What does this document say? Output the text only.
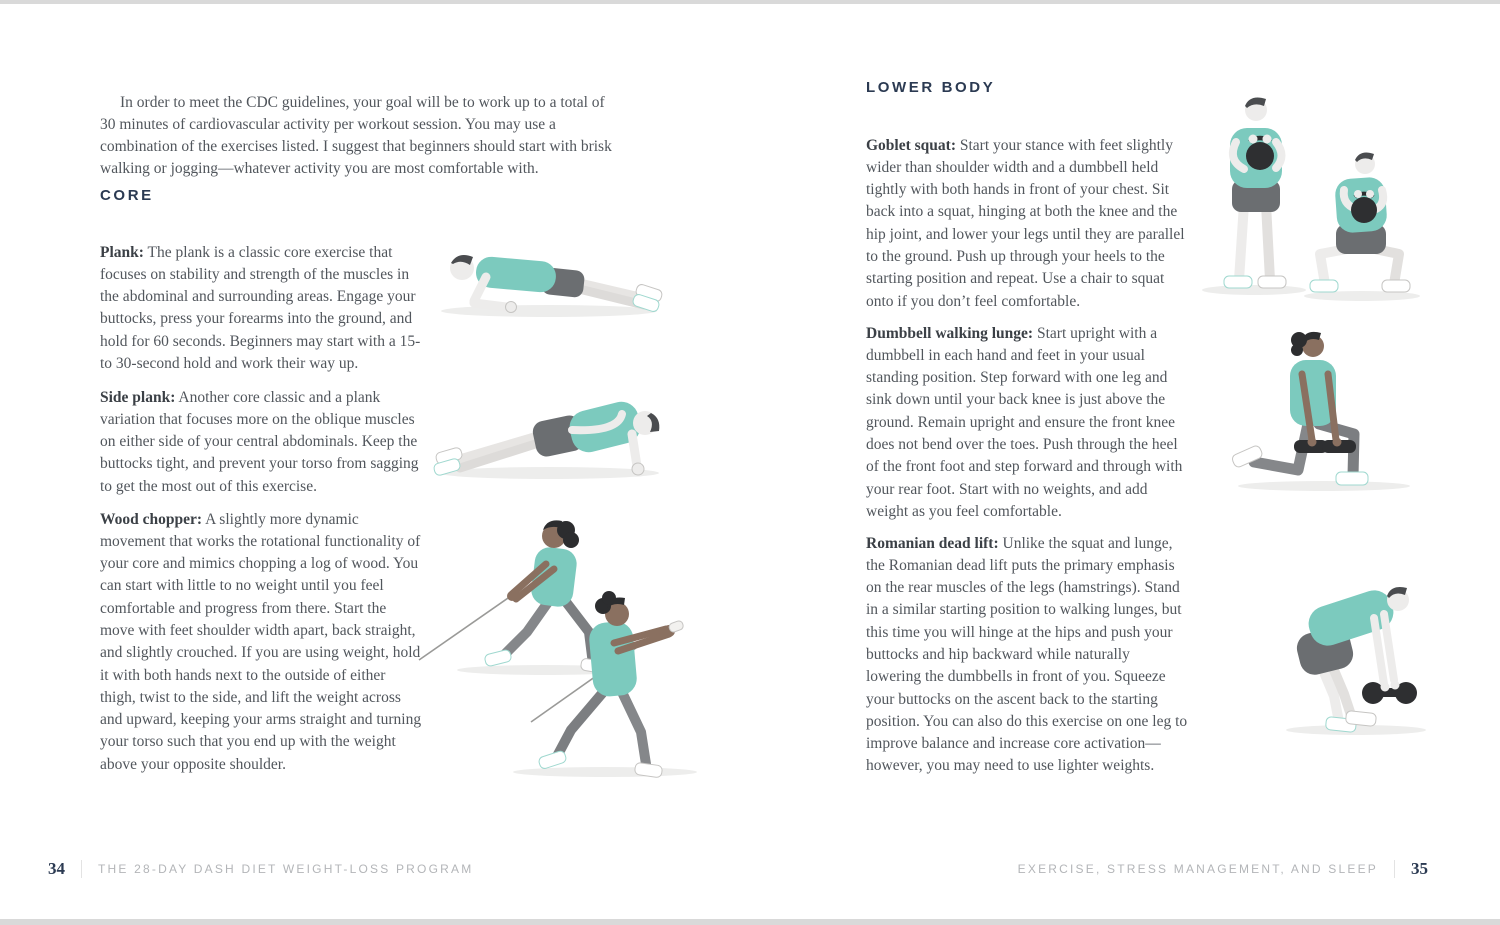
In order to meet the CDC guidelines, your goal will be to work up to a total of 30 minutes of cardiovascular activity per workout session. You may use a combination of the exercises listed. I suggest that beginners should start with brisk walking or jogging—whatever activity you are most comfortable with.

CORE

Plank: The plank is a classic core exercise that focuses on stability and strength of the muscles in the abdominal and surrounding areas. Engage your buttocks, press your forearms into the ground, and hold for 60 seconds. Beginners may start with a 15- to 30-second hold and work their way up.

Side plank: Another core classic and a plank variation that focuses more on the oblique muscles on either side of your central abdominals. Keep the buttocks tight, and prevent your torso from sagging to get the most out of this exercise.

Wood chopper: A slightly more dynamic movement that works the rotational functionality of your core and mimics chopping a log of wood. You can start with little to no weight until you feel comfortable and progress from there. Start the move with feet shoulder width apart, back straight, and slightly crouched. If you are using weight, hold it with both hands next to the outside of either thigh, twist to the side, and lift the weight across and upward, keeping your arms straight and turning your torso such that you end up with the weight above your opposite shoulder.

34	THE 28-DAY DASH DIET WEIGHT-LOSS PROGRAM
LOWER BODY

Goblet squat: Start your stance with feet slightly wider than shoulder width and a dumbbell held tightly with both hands in front of your chest. Sit back into a squat, hinging at both the knee and the hip joint, and lower your legs until they are parallel to the ground. Push up through your heels to the starting position and repeat. Use a chair to squat onto if you don’t feel comfortable.

Dumbbell walking lunge: Start upright with a dumbbell in each hand and feet in your usual standing position. Step forward with one leg and sink down until your back knee is just above the ground. Remain upright and ensure the front knee does not bend over the toes. Push through the heel of the front foot and step forward and through with your rear foot. Start with no weights, and add weight as you feel comfortable.

Romanian dead lift: Unlike the squat and lunge, the Romanian dead lift puts the primary emphasis on the rear muscles of the legs (hamstrings). Stand in a similar starting position to walking lunges, but this time you will hinge at the hips and push your buttocks and hip backward while naturally lowering the dumbbells in front of you. Squeeze your buttocks on the ascent back to the starting position. You can also do this exercise on one leg to improve balance and increase core activation—however, you may need to use lighter weights.

EXERCISE, STRESS MANAGEMENT, AND SLEEP 35
